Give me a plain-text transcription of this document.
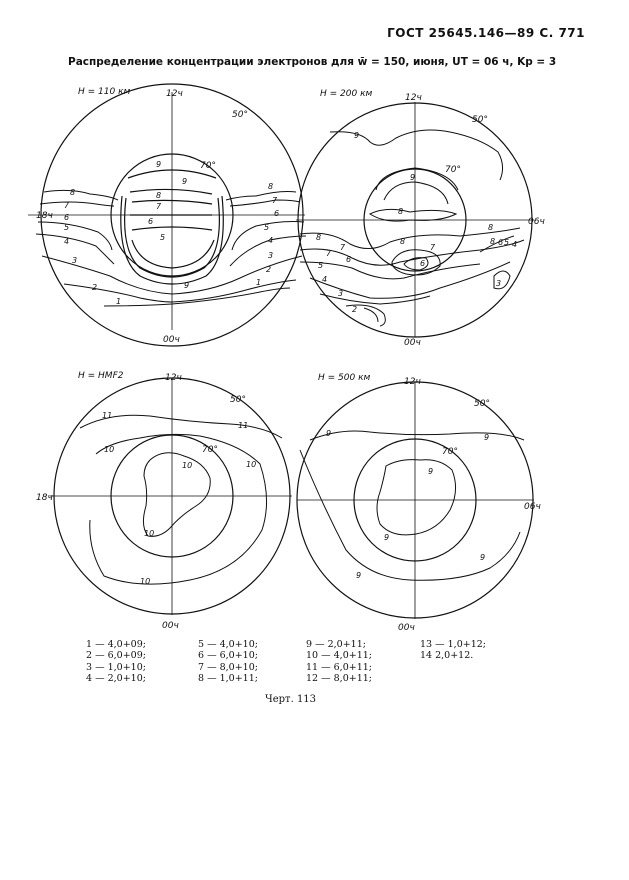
ГОСТ 25645.146—89 С. 771
Распределение концентрации электронов для w̄ = 150, июня, UT = 06 ч, Kp = 3
H = 110 км	12ч
00ч
18ч
50°
70°
H = 200 км	12ч
00ч
06ч
50°
70°
H = HMF2	12ч
00ч
18ч
50°
70°
H = 500 км	12ч
00ч
06ч
50°
70°
1
2
3
4
5
6
7
8
9
9
9
8
7
6
5
8
7
6
5
4
3
2
1
9
9
8
8
8
7
8
7
6
5
4
3
2
7
6
8 6 5 4
3
11
11
10
10	10
10
10
9	9
9
9
9
9
1 — 4,0+09;
2 — 6,0+09;
3 — 1,0+10;
4 — 2,0+10;
5 — 4,0+10;
6 — 6,0+10;
7 — 8,0+10;
8 — 1,0+11;
9 — 2,0+11;
10 — 4,0+11;
11 — 6,0+11;
12 — 8,0+11;
13 — 1,0+12;
14 2,0+12.
Черт. 113
